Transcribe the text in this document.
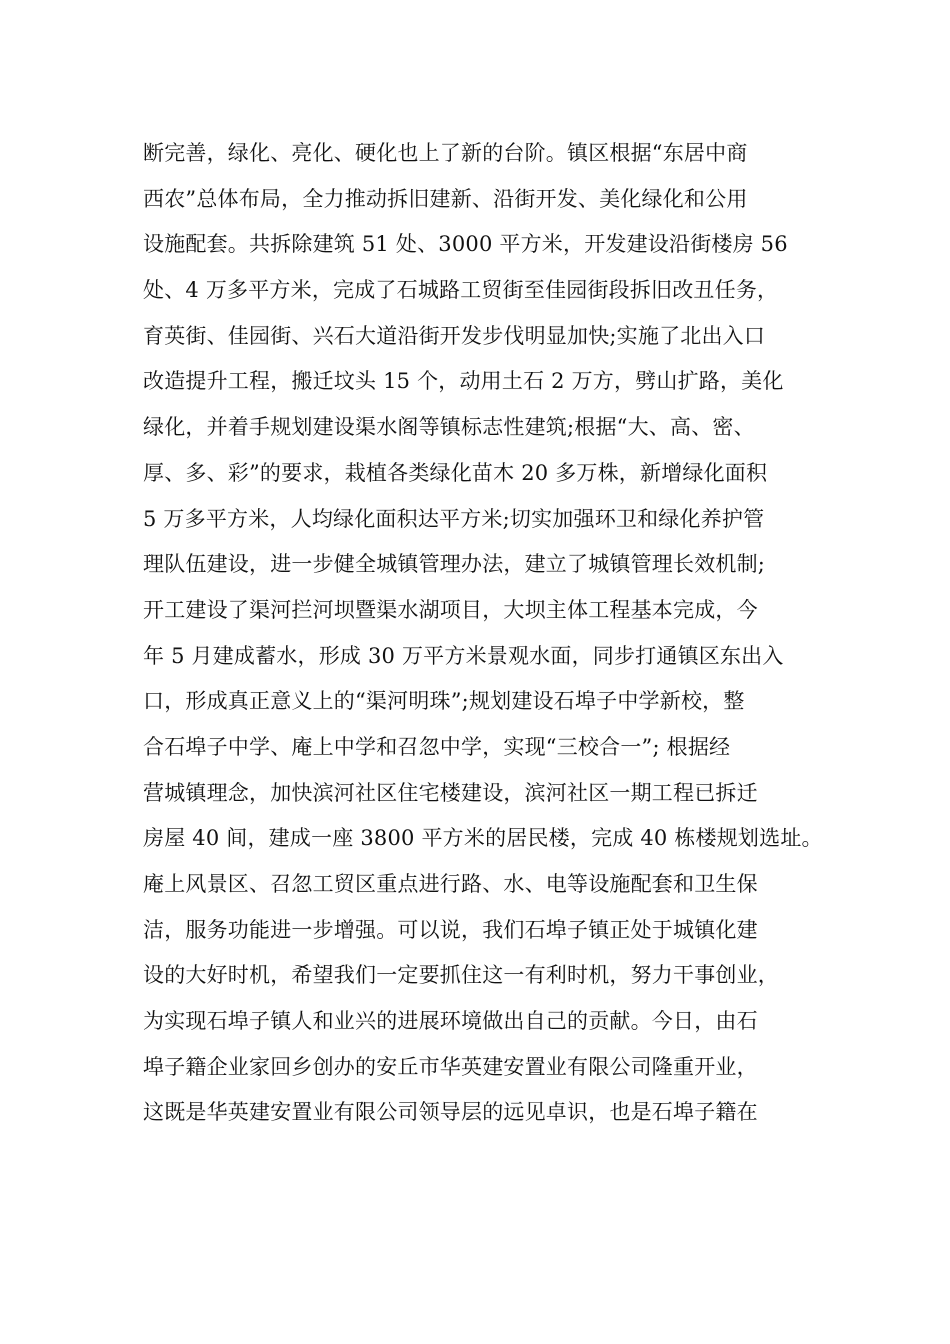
断完善，绿化、亮化、硬化也上了新的台阶。镇区根据“东居中商
西农”总体布局，全力推动拆旧建新、沿街开发、美化绿化和公用
设施配套。共拆除建筑 51 处、3000 平方米，开发建设沿街楼房 56
处、4 万多平方米，完成了石城路工贸街至佳园街段拆旧改丑任务，
育英街、佳园街、兴石大道沿街开发步伐明显加快;实施了北出入口
改造提升工程，搬迁坟头 15 个，动用土石 2 万方，劈山扩路，美化
绿化，并着手规划建设渠水阁等镇标志性建筑;根据“大、高、密、
厚、多、彩”的要求，栽植各类绿化苗木 20 多万株，新增绿化面积
5 万多平方米，人均绿化面积达平方米;切实加强环卫和绿化养护管
理队伍建设，进一步健全城镇管理办法，建立了城镇管理长效机制;
开工建设了渠河拦河坝暨渠水湖项目，大坝主体工程基本完成，今
年 5 月建成蓄水，形成 30 万平方米景观水面，同步打通镇区东出入
口，形成真正意义上的“渠河明珠”;规划建设石埠子中学新校，整
合石埠子中学、庵上中学和召忽中学，实现“三校合一”; 根据经
营城镇理念，加快滨河社区住宅楼建设，滨河社区一期工程已拆迁
房屋 40 间，建成一座 3800 平方米的居民楼，完成 40 栋楼规划选址。
庵上风景区、召忽工贸区重点进行路、水、电等设施配套和卫生保
洁，服务功能进一步增强。可以说，我们石埠子镇正处于城镇化建
设的大好时机，希望我们一定要抓住这一有利时机，努力干事创业，
为实现石埠子镇人和业兴的进展环境做出自己的贡献。今日，由石
埠子籍企业家回乡创办的安丘市华英建安置业有限公司隆重开业，
这既是华英建安置业有限公司领导层的远见卓识，也是石埠子籍在
